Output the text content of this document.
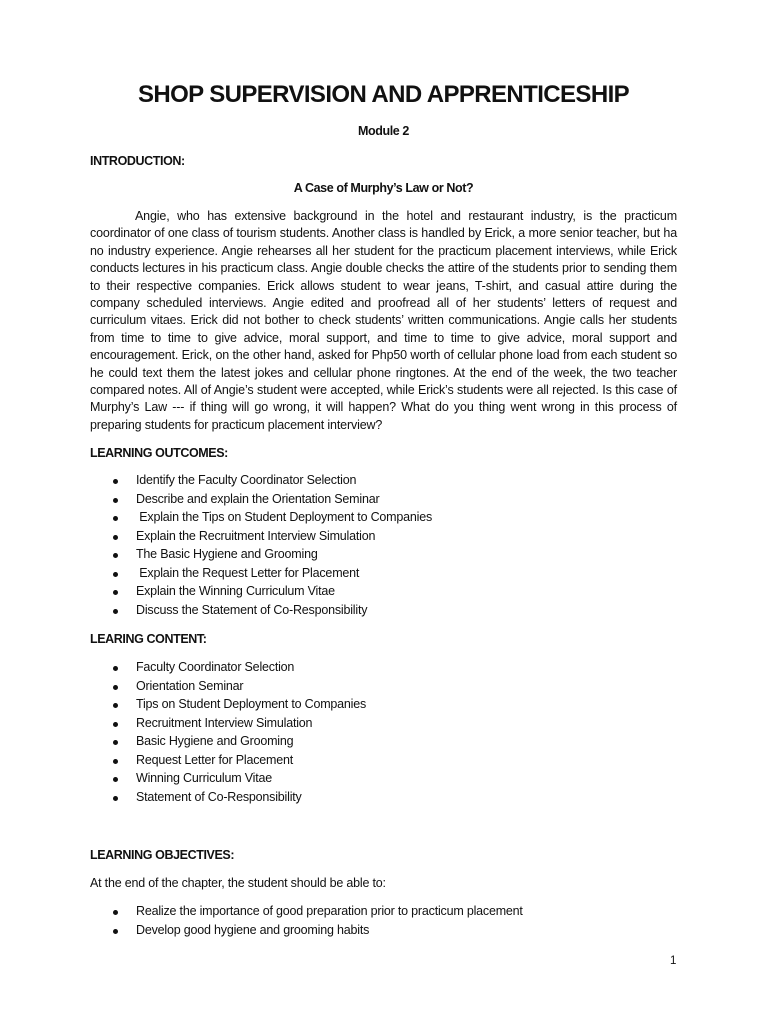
SHOP SUPERVISION AND APPRENTICESHIP
Module 2
INTRODUCTION:
A Case of Murphy’s Law or Not?

Angie, who has extensive background in the hotel and restaurant industry, is the practicum coordinator of one class of tourism students. Another class is handled by Erick, a more senior teacher, but ha no industry experience. Angie rehearses all her student for the practicum placement interviews, while Erick conducts lectures in his practicum class. Angie double checks the attire of the students prior to sending them to their respective companies. Erick allows student to wear jeans, T-shirt, and casual attire during the company scheduled interviews. Angie edited and proofread all of her students’ letters of request and curriculum vitaes. Erick did not bother to check students’ written communications. Angie calls her students from time to time to give advice, moral support, and time to time to give advice, moral support and encouragement. Erick, on the other hand, asked for Php50 worth of cellular phone load from each student so he could text them the latest jokes and cellular phone ringtones. At the end of the week, the two teacher compared notes. All of Angie’s student were accepted, while Erick’s students were all rejected. Is this case of Murphy’s Law --- if thing will go wrong, it will happen? What do you thing went wrong in this process of preparing students for practicum placement interview?

LEARNING OUTCOMES:
Identify the Faculty Coordinator Selection
Describe and explain the Orientation Seminar
Explain the Tips on Student Deployment to Companies
Explain the Recruitment Interview Simulation
The Basic Hygiene and Grooming
Explain the Request Letter for Placement
Explain the Winning Curriculum Vitae
Discuss the Statement of Co-Responsibility
LEARING CONTENT:
Faculty Coordinator Selection
Orientation Seminar
Tips on Student Deployment to Companies
Recruitment Interview Simulation
Basic Hygiene and Grooming
Request Letter for Placement
Winning Curriculum Vitae
Statement of Co-Responsibility
LEARNING OBJECTIVES:
At the end of the chapter, the student should be able to:
Realize the importance of good preparation prior to practicum placement
Develop good hygiene and grooming habits
1
